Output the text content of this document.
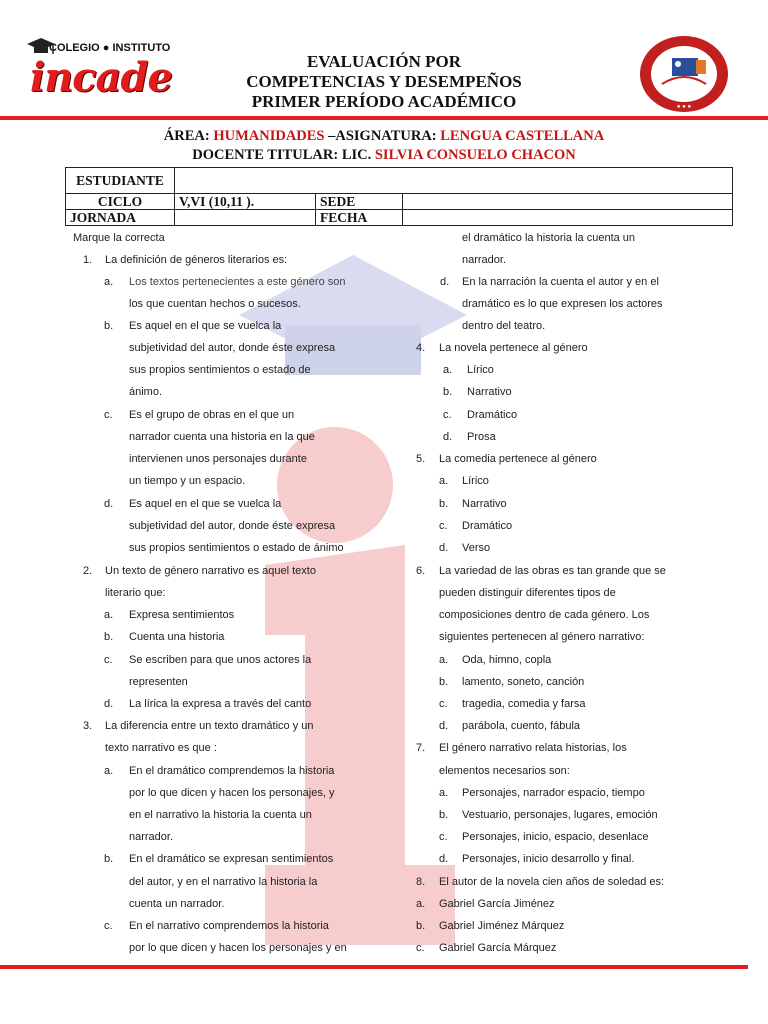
COLEGIO ● INSTITUTO
incade
● ● ●
EVALUACIÓN POR
COMPETENCIAS Y DESEMPEÑOS
PRIMER PERÍODO ACADÉMICO
ÁREA: HUMANIDADES –ASIGNATURA: LENGUA CASTELLANA
DOCENTE TITULAR: LIC. SILVIA CONSUELO CHACON
ESTUDIANTE			
CICLO	V,VI (10,11 ).	SEDE	
JORNADA		FECHA	
Marque la correcta
1. La definición de géneros literarios es:
a. Los textos pertenecientes a este género son
los que cuentan hechos o sucesos.
b. Es aquel en el que se vuelca la
subjetividad del autor, donde éste expresa
sus propios sentimientos o estado de
ánimo.
c. Es el grupo de obras en el que un
narrador cuenta una historia en la que
intervienen unos personajes durante
un tiempo y un espacio.
d. Es aquel en el que se vuelca la
subjetividad del autor, donde éste expresa
sus propios sentimientos o estado de ánimo
2. Un texto de género narrativo es aquel texto
literario que:
a. Expresa sentimientos
b. Cuenta una historia
c. Se escriben para que unos actores la
representen
d. La lírica la expresa a través del canto
3. La diferencia entre un texto dramático y un
texto narrativo es que :
a. En el dramático comprendemos la historia
por lo que dicen y hacen los personajes, y
en el narrativo la historia la cuenta un
narrador.
b. En el dramático se expresan sentimientos
del autor, y en el narrativo la historia la
cuenta un narrador.
c. En el narrativo comprendemos la historia
por lo que dicen y hacen los personajes y en
el dramático la historia la cuenta un
narrador.
d. En la narración la cuenta el autor y en el
dramático es lo que expresen los actores
dentro del teatro.
4. La novela pertenece al género
a. Lírico
b. Narrativo
c. Dramático
d. Prosa
5. La comedia pertenece al género
a. Lírico
b. Narrativo
c. Dramático
d. Verso
6. La variedad de las obras es tan grande que se
pueden distinguir diferentes tipos de
composiciones dentro de cada género. Los
siguientes pertenecen al género narrativo:
a. Oda, himno, copla
b. lamento, soneto, canción
c. tragedia, comedia y farsa
d. parábola, cuento, fábula
7. El género narrativo relata historias, los
elementos necesarios son:
a. Personajes, narrador espacio, tiempo
b. Vestuario, personajes, lugares, emoción
c. Personajes, inicio, espacio, desenlace
d. Personajes, inicio desarrollo y final.
8. El autor de la novela cien años de soledad es:
a. Gabriel García Jiménez
b. Gabriel Jiménez Márquez
c. Gabriel García Márquez
